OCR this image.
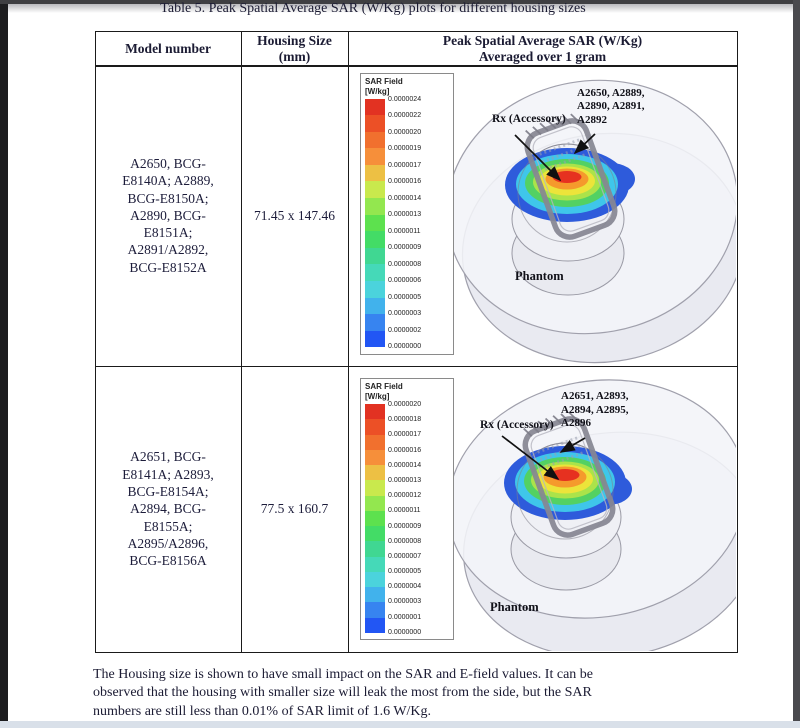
Table 5. Peak Spatial Average SAR (W/Kg) plots for different housing sizes
Model number
Housing Size
(mm)
Peak Spatial Average SAR (W/Kg)
Averaged over 1 gram
A2650, BCG-
E8140A; A2889,
BCG-E8150A;
A2890, BCG-
E8151A;
A2891/A2892,
BCG-E8152A
71.45 x 147.46
SAR Field
[W/kg]
0.0000024
0.0000022
0.0000020
0.0000019
0.0000017
0.0000016
0.0000014
0.0000013
0.0000011
0.0000009
0.0000008
0.0000006
0.0000005
0.0000003
0.0000002
0.0000000
A2650, A2889,
A2890, A2891,
A2892
Rx (Accessory)
Phantom
A2651, BCG-
E8141A; A2893,
BCG-E8154A;
A2894, BCG-
E8155A;
A2895/A2896,
BCG-E8156A
77.5 x 160.7
SAR Field
[W/kg]
0.0000020
0.0000018
0.0000017
0.0000016
0.0000014
0.0000013
0.0000012
0.0000011
0.0000009
0.0000008
0.0000007
0.0000005
0.0000004
0.0000003
0.0000001
0.0000000
A2651, A2893,
A2894, A2895,
A2896
Rx (Accessory)
Phantom
The Housing size is shown to have small impact on the SAR and E-field values. It can be
observed that the housing with smaller size will leak the most from the side, but the SAR
numbers are still less than 0.01% of SAR limit of 1.6 W/Kg.
